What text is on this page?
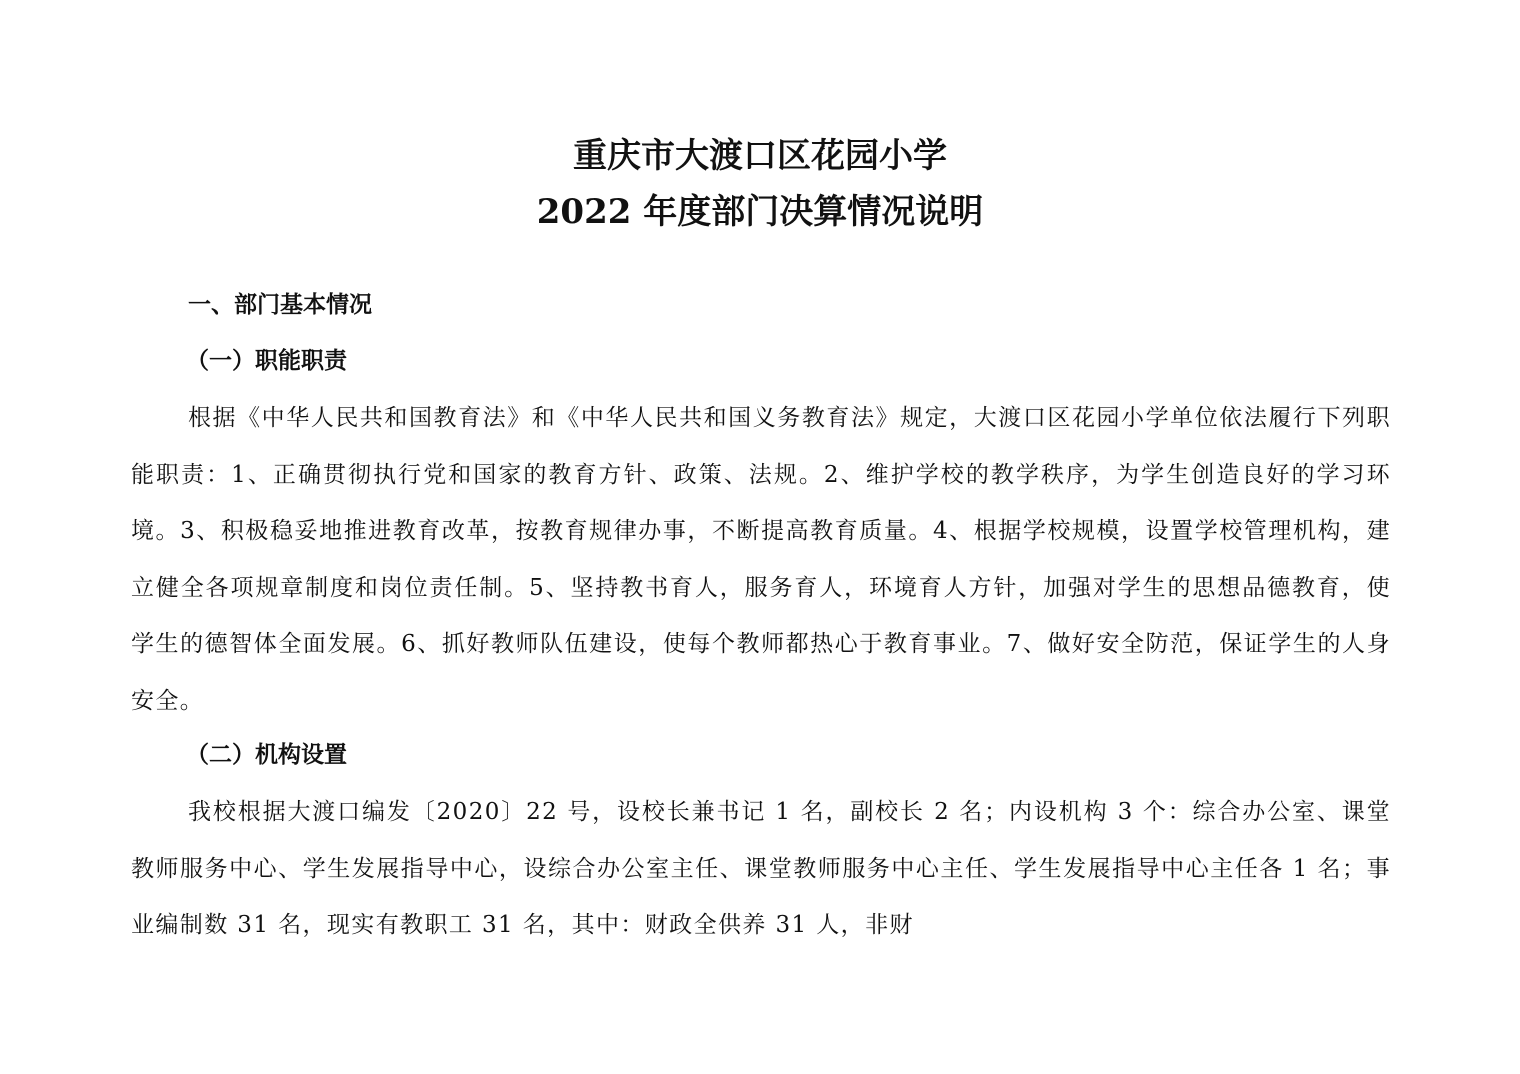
重庆市大渡口区花园小学
2022 年度部门决算情况说明
一、部门基本情况
（一）职能职责
根据《中华人民共和国教育法》和《中华人民共和国义务教育法》规定，大渡口区花园小学单位依法履行下列职能职责：1、正确贯彻执行党和国家的教育方针、政策、法规。2、维护学校的教学秩序，为学生创造良好的学习环境。3、积极稳妥地推进教育改革，按教育规律办事，不断提高教育质量。4、根据学校规模，设置学校管理机构，建立健全各项规章制度和岗位责任制。5、坚持教书育人，服务育人，环境育人方针，加强对学生的思想品德教育，使学生的德智体全面发展。6、抓好教师队伍建设，使每个教师都热心于教育事业。7、做好安全防范，保证学生的人身安全。
（二）机构设置
我校根据大渡口编发〔2020〕22 号，设校长兼书记 1 名，副校长 2 名；内设机构 3 个：综合办公室、课堂教师服务中心、学生发展指导中心，设综合办公室主任、课堂教师服务中心主任、学生发展指导中心主任各 1 名；事业编制数 31 名，现实有教职工 31 名，其中：财政全供养 31 人，非财
